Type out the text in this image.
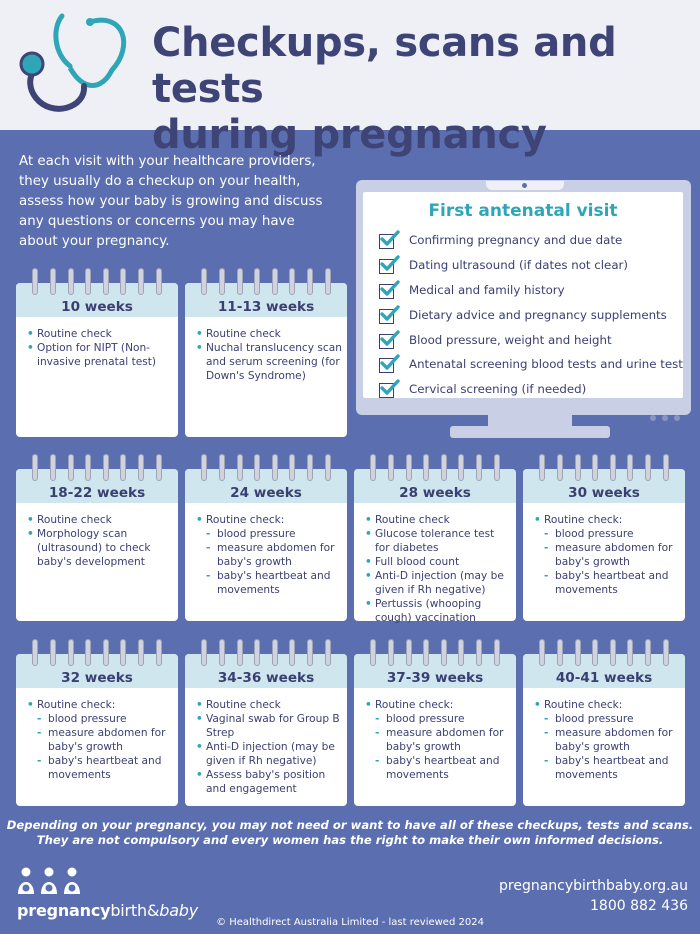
Checkups, scans and tests
during pregnancy
At each visit with your healthcare providers, they usually do a checkup on your health, assess how your baby is growing and discuss any questions or concerns you may have about your pregnancy.
First antenatal visit
Confirming pregnancy and due date
Dating ultrasound (if dates not clear)
Medical and family history
Dietary advice and pregnancy supplements
Blood pressure, weight and height
Antenatal screening blood tests and urine test
Cervical screening (if needed)
10 weeks
• Routine check
• Option for NIPT (Non-invasive prenatal test)
11-13 weeks
• Routine check
• Nuchal translucency scan and serum screening (for Down's Syndrome)
18-22 weeks
• Routine check
• Morphology scan (ultrasound) to check baby's development
24 weeks
• Routine check:
- blood pressure
- measure abdomen for baby's growth
- baby's heartbeat and movements
28 weeks
• Routine check
• Glucose tolerance test for diabetes
• Full blood count
• Anti-D injection (may be given if Rh negative)
• Pertussis (whooping cough) vaccination
30 weeks
• Routine check:
- blood pressure
- measure abdomen for baby's growth
- baby's heartbeat and movements
32 weeks
• Routine check:
- blood pressure
- measure abdomen for baby's growth
- baby's heartbeat and movements
34-36 weeks
• Routine check
• Vaginal swab for Group B Strep
• Anti-D injection (may be given if Rh negative)
• Assess baby's position and engagement
37-39 weeks
• Routine check:
- blood pressure
- measure abdomen for baby's growth
- baby's heartbeat and movements
40-41 weeks
• Routine check:
- blood pressure
- measure abdomen for baby's growth
- baby's heartbeat and movements
Depending on your pregnancy, you may not need or want to have all of these checkups, tests and scans.
They are not compulsory and every women has the right to make their own informed decisions.
pregnancybirth&baby
pregnancybirthbaby.org.au
1800 882 436
© Healthdirect Australia Limited - last reviewed 2024
